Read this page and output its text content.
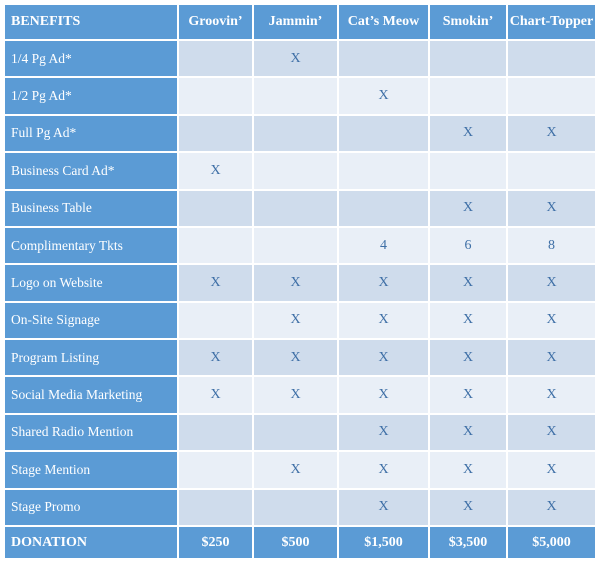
BENEFITS	Groovin’	Jammin’	Cat’s Meow	Smokin’	Chart-Topper
1/4 Pg Ad*		X			
1/2 Pg Ad*			X		
Full Pg Ad*				X	X
Business Card Ad*	X				
Business Table				X	X
Complimentary Tkts			4	6	8
Logo on Website	X	X	X	X	X
On-Site Signage		X	X	X	X
Program Listing	X	X	X	X	X
Social Media Marketing	X	X	X	X	X
Shared Radio Mention			X	X	X
Stage Mention		X	X	X	X
Stage Promo			X	X	X
DONATION	$250	$500	$1,500	$3,500	$5,000
